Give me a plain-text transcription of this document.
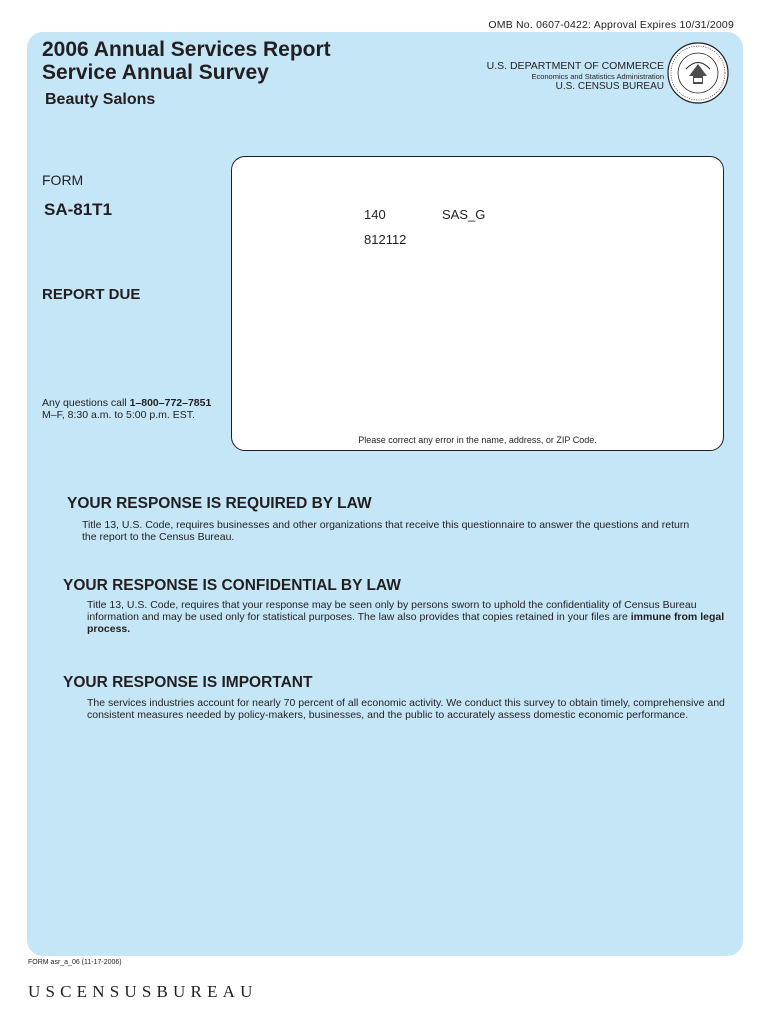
OMB No. 0607-0422: Approval Expires 10/31/2009
2006 Annual Services Report
Service Annual Survey
Beauty Salons
U.S. DEPARTMENT OF COMMERCE
Economics and Statistics Administration
U.S. CENSUS BUREAU
FORM
SA-81T1
REPORT DUE
Any questions call 1–800–772–7851
M–F, 8:30 a.m. to 5:00 p.m. EST.
140	SAS_G
812112
Please correct any error in the name, address, or ZIP Code.
YOUR RESPONSE IS REQUIRED BY LAW
Title 13, U.S. Code, requires businesses and other organizations that receive this questionnaire to answer the questions and return the report to the Census Bureau.
YOUR RESPONSE IS CONFIDENTIAL BY LAW
Title 13, U.S. Code, requires that your response may be seen only by persons sworn to uphold the confidentiality of Census Bureau information and may be used only for statistical purposes. The law also provides that copies retained in your files are immune from legal process.
YOUR RESPONSE IS IMPORTANT
The services industries account for nearly 70 percent of all economic activity. We conduct this survey to obtain timely, comprehensive and consistent measures needed by policy-makers, businesses, and the public to accurately assess domestic economic performance.
FORM asr_a_06 (11-17-2006)
USCENSUSBUREAU
